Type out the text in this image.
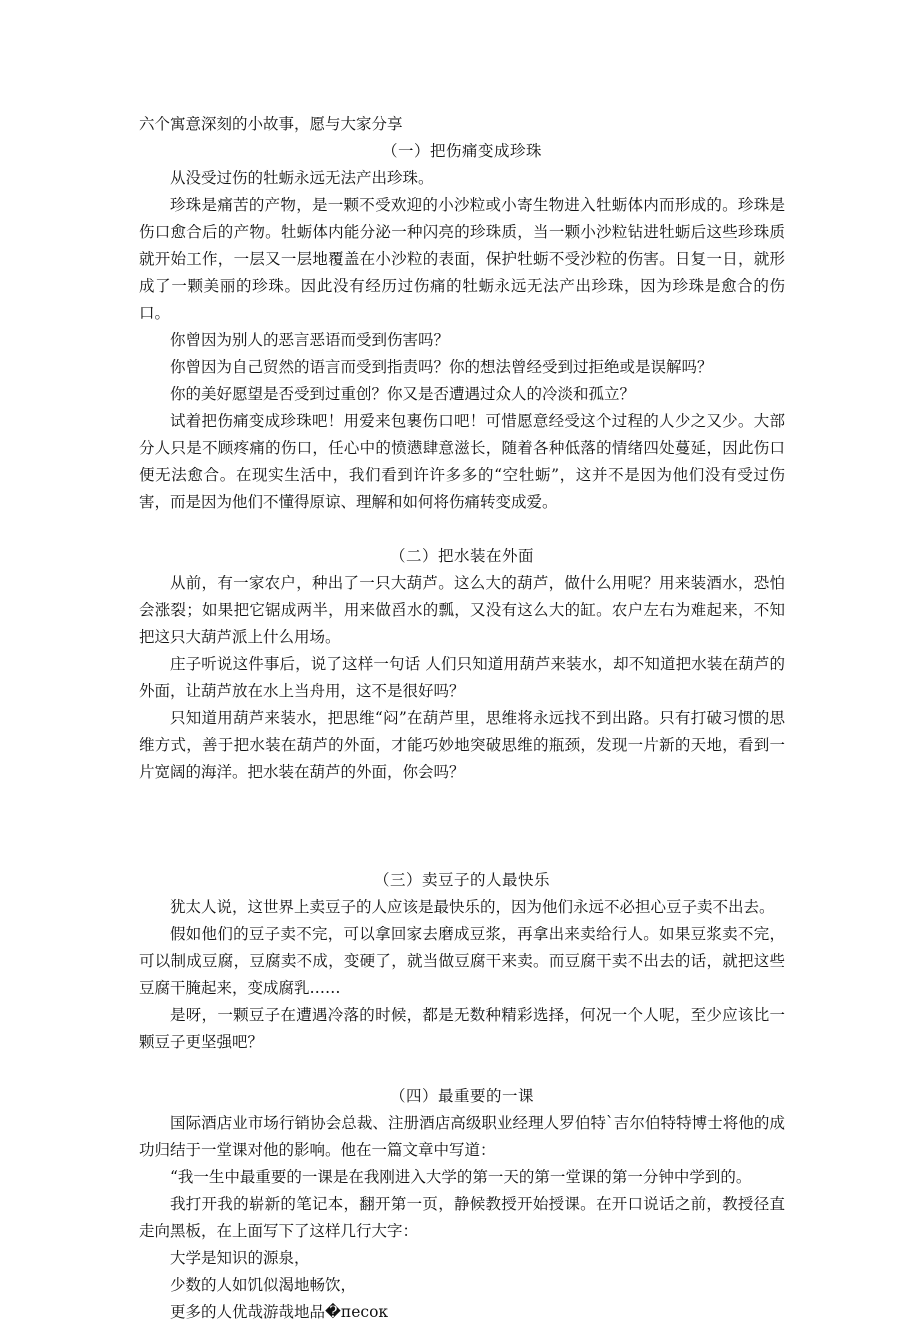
六个寓意深刻的小故事，愿与大家分享

（一）把伤痛变成珍珠

从没受过伤的牡蛎永远无法产出珍珠。

珍珠是痛苦的产物，是一颗不受欢迎的小沙粒或小寄生物进入牡蛎体内而形成的。珍珠是伤口愈合后的产物。牡蛎体内能分泌一种闪亮的珍珠质，当一颗小沙粒钻进牡蛎后这些珍珠质就开始工作，一层又一层地覆盖在小沙粒的表面，保护牡蛎不受沙粒的伤害。日复一日，就形成了一颗美丽的珍珠。因此没有经历过伤痛的牡蛎永远无法产出珍珠，因为珍珠是愈合的伤口。

你曾因为别人的恶言恶语而受到伤害吗？

你曾因为自己贸然的语言而受到指责吗？你的想法曾经受到过拒绝或是误解吗？

你的美好愿望是否受到过重创？你又是否遭遇过众人的冷淡和孤立？

试着把伤痛变成珍珠吧！用爱来包裹伤口吧！可惜愿意经受这个过程的人少之又少。大部分人只是不顾疼痛的伤口，任心中的愤懑肆意滋长，随着各种低落的情绪四处蔓延，因此伤口便无法愈合。在现实生活中，我们看到许许多多的“空牡蛎”，这并不是因为他们没有受过伤害，而是因为他们不懂得原谅、理解和如何将伤痛转变成爱。

（二）把水装在外面

从前，有一家农户，种出了一只大葫芦。这么大的葫芦，做什么用呢？用来装酒水，恐怕会涨裂；如果把它锯成两半，用来做舀水的瓢，又没有这么大的缸。农户左右为难起来，不知把这只大葫芦派上什么用场。

庄子听说这件事后，说了这样一句话 人们只知道用葫芦来装水，却不知道把水装在葫芦的外面，让葫芦放在水上当舟用，这不是很好吗？

只知道用葫芦来装水，把思维“闷”在葫芦里，思维将永远找不到出路。只有打破习惯的思维方式，善于把水装在葫芦的外面，才能巧妙地突破思维的瓶颈，发现一片新的天地，看到一片宽阔的海洋。把水装在葫芦的外面，你会吗？

（三）卖豆子的人最快乐

犹太人说，这世界上卖豆子的人应该是最快乐的，因为他们永远不必担心豆子卖不出去。

假如他们的豆子卖不完，可以拿回家去磨成豆浆，再拿出来卖给行人。如果豆浆卖不完，可以制成豆腐，豆腐卖不成，变硬了，就当做豆腐干来卖。而豆腐干卖不出去的话，就把这些豆腐干腌起来，变成腐乳……

是呀，一颗豆子在遭遇冷落的时候，都是无数种精彩选择，何况一个人呢，至少应该比一颗豆子更坚强吧？

（四）最重要的一课

国际酒店业市场行销协会总裁、注册酒店高级职业经理人罗伯特`吉尔伯特特博士将他的成功归结于一堂课对他的影响。他在一篇文章中写道：

“我一生中最重要的一课是在我刚进入大学的第一天的第一堂课的第一分钟中学到的。

我打开我的崭新的笔记本，翻开第一页，静候教授开始授课。在开口说话之前，教授径直走向黑板，在上面写下了这样几行大字：

大学是知识的源泉，

少数的人如饥似渴地畅饮，

更多的人优哉游哉地品�песок
